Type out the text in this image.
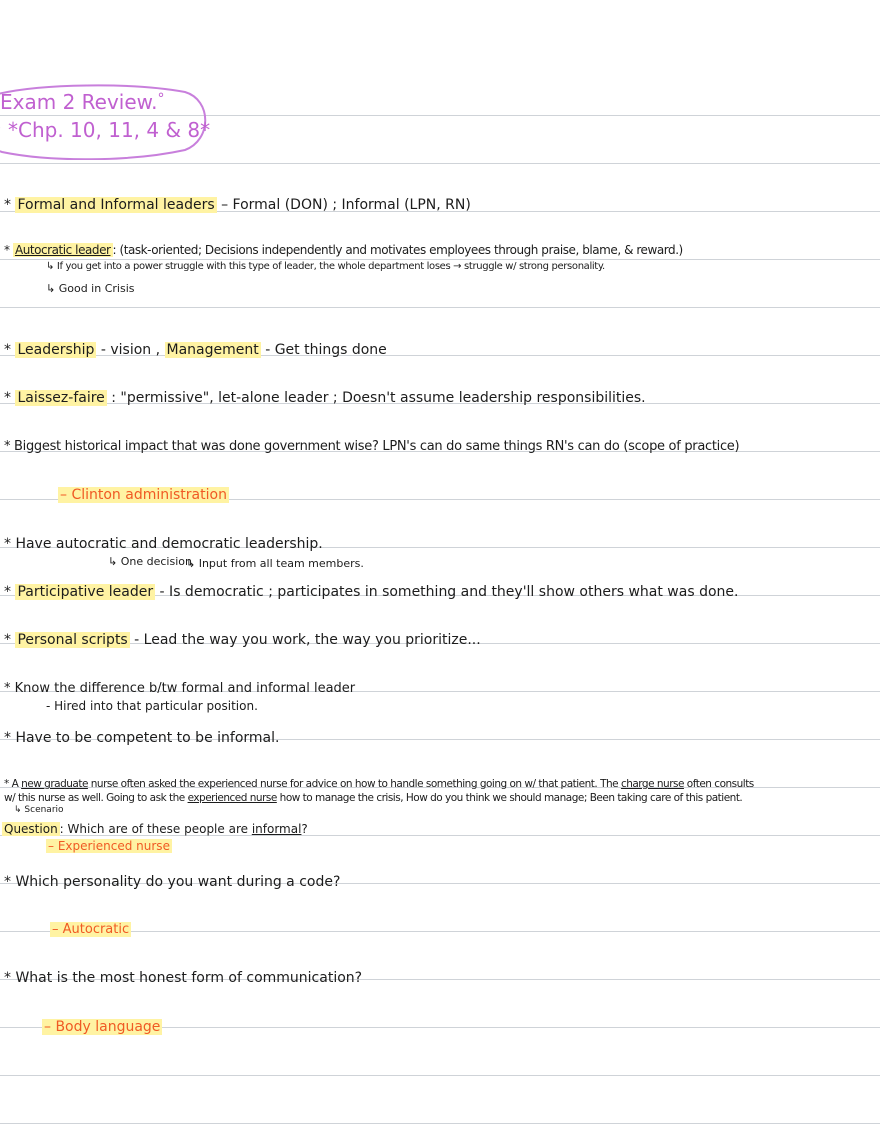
Exam 2 Review.°
*Chp. 10, 11, 4 & 8*
* Formal and Informal leaders – Formal (DON) ; Informal (LPN, RN)
* Autocratic leader : (task-oriented; Decisions independently and motivates employees through praise, blame, & reward.)
↳ If you get into a power struggle with this type of leader, the whole department loses → struggle w/ strong personality.
↳ Good in Crisis
* Leadership - vision , Management - Get things done
* Laissez-faire : "permissive", let-alone leader ; Doesn't assume leadership responsibilities.
* Biggest historical impact that was done government wise? LPN's can do same things RN's can do (scope of practice)
– Clinton administration
* Have autocratic and democratic leadership.
↳ One decision
↳ Input from all team members.
* Participative leader - Is democratic ; participates in something and they'll show others what was done.
* Personal scripts - Lead the way you work, the way you prioritize...
* Know the difference b/tw formal and informal leader
- Hired into that particular position.
* Have to be competent to be informal.
* A new graduate nurse often asked the experienced nurse for advice on how to handle something going on w/ that patient. The charge nurse often consults
w/ this nurse as well. Going to ask the experienced nurse how to manage the crisis, How do you think we should manage; Been taking care of this patient.
↳ Scenario
Question : Which are of these people are informal?
– Experienced nurse
* Which personality do you want during a code?
– Autocratic
* What is the most honest form of communication?
– Body language
